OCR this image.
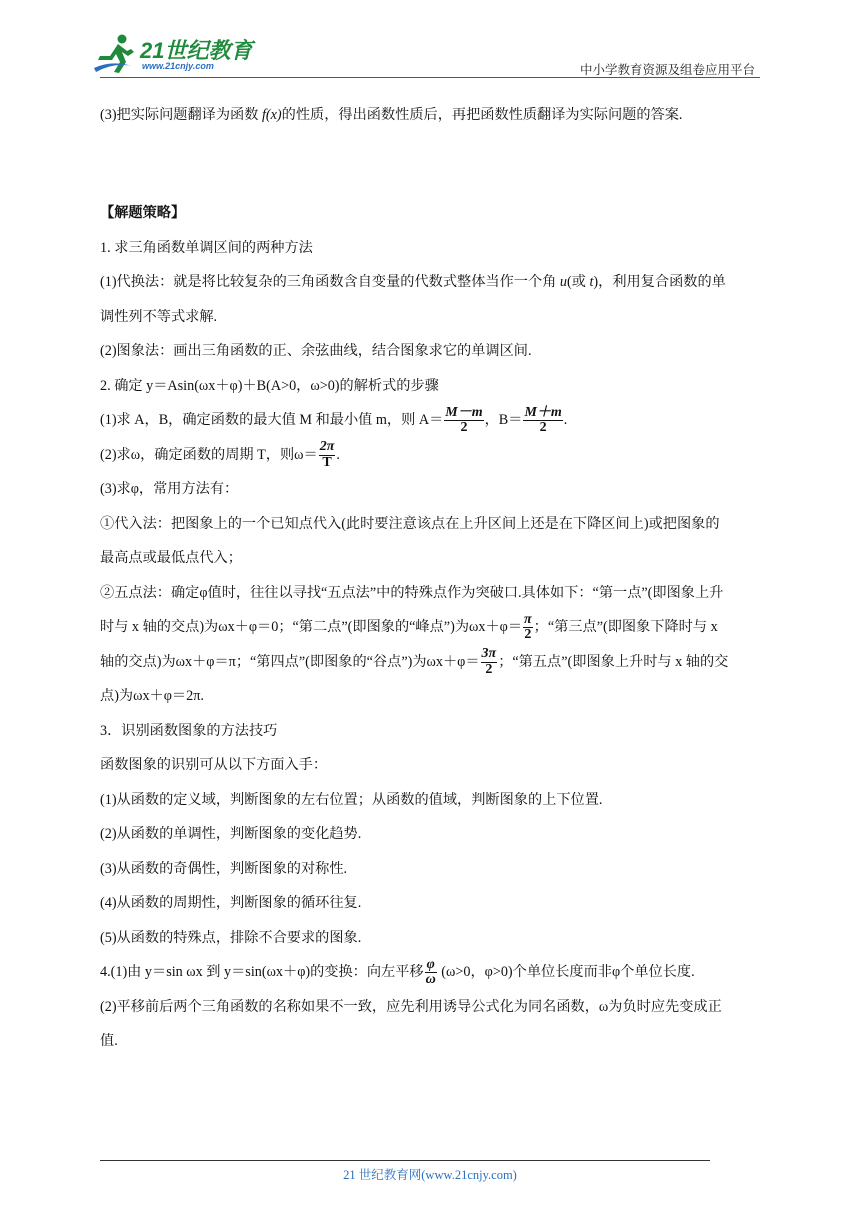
21世纪教育
www.21cnjy.com	中小学教育资源及组卷应用平台

(3)把实际问题翻译为函数 f(x)的性质，得出函数性质后，再把函数性质翻译为实际问题的答案.

【解题策略】

1. 求三角函数单调区间的两种方法

(1)代换法：就是将比较复杂的三角函数含自变量的代数式整体当作一个角 u(或 t)，利用复合函数的单

调性列不等式求解.

(2)图象法：画出三角函数的正、余弦曲线，结合图象求它的单调区间.

2. 确定 y＝Asin(ωx＋φ)＋B(A>0，ω>0)的解析式的步骤

(1)求 A，B，确定函数的最大值 M 和最小值 m，则 $A= \frac{M-m}{2}$ ，$B= \frac{M+m}{2}$ .

(2)求ω，确定函数的周期 T，则$\omega= \frac{2\pi}{T}$ .

(3)求φ，常用方法有：

①代入法：把图象上的一个已知点代入(此时要注意该点在上升区间上还是在下降区间上)或把图象的

最高点或最低点代入；

②五点法：确定φ值时，往往以寻找“五点法”中的特殊点作为突破口.具体如下：“第一点”(即图象上升

时与 x 轴的交点)为ωx＋φ＝0；“第二点”(即图象的“峰点”)为$\omega x+\varphi= \frac{\pi}{2}$ ；“第三点”(即图象下降时与 x

轴的交点)为ωx＋φ＝π；“第四点”(即图象的“谷点”)为$\omega x+\varphi= \frac{3\pi}{2}$ ；“第五点”(即图象上升时与 x 轴的交

点)为ωx＋φ＝2π.

3．识别函数图象的方法技巧

函数图象的识别可从以下方面入手：

(1)从函数的定义域，判断图象的左右位置；从函数的值域，判断图象的上下位置.

(2)从函数的单调性，判断图象的变化趋势.

(3)从函数的奇偶性，判断图象的对称性.

(4)从函数的周期性，判断图象的循环往复.

(5)从函数的特殊点，排除不合要求的图象.

4.(1)由 y＝sin ωx 到 y＝sin(ωx＋φ)的变换：向左平移 $\frac{\varphi}{\omega} (\omega>0$，φ>0)个单位长度而非φ个单位长度.

(2)平移前后两个三角函数的名称如果不一致，应先利用诱导公式化为同名函数，ω为负时应先变成正

值.

21 世纪教育网(www.21cnjy.com)
